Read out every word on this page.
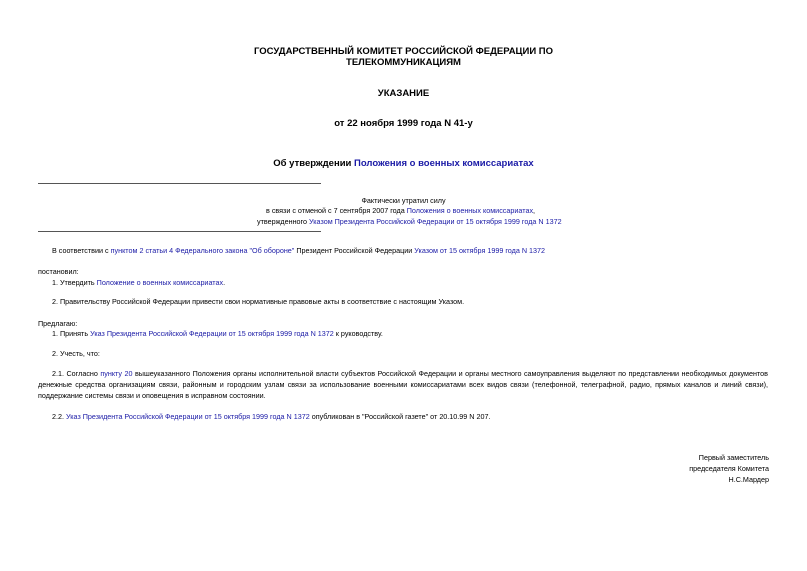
ГОСУДАРСТВЕННЫЙ КОМИТЕТ РОССИЙСКОЙ ФЕДЕРАЦИИ ПО
ТЕЛЕКОММУНИКАЦИЯМ
УКАЗАНИЕ
от 22 ноября 1999 года N 41-у
Об утверждении Положения о военных комиссариатах
Фактически утратил силу
в связи с отменой с 7 сентября 2007 года Положения о военных комиссариатах,
утвержденного Указом Президента Российской Федерации от 15 октября 1999 года N 1372
В соответствии с пунктом 2 статьи 4 Федерального закона "Об обороне" Президент Российской Федерации Указом от 15 октября 1999 года N 1372
постановил:
1. Утвердить Положение о военных комиссариатах.
2. Правительству Российской Федерации привести свои нормативные правовые акты в соответствие с настоящим Указом.
Предлагаю:
1. Принять Указ Президента Российской Федерации от 15 октября 1999 года N 1372 к руководству.
2. Учесть, что:
2.1. Согласно пункту 20 вышеуказанного Положения органы исполнительной власти субъектов Российской Федерации и органы местного самоуправления выделяют по представлении необходимых документов денежные средства организациям связи, районным и городским узлам связи за использование военными комиссариатами всех видов связи (телефонной, телеграфной, радио, прямых каналов и линий связи), поддержание системы связи и оповещения в исправном состоянии.
2.2. Указ Президента Российской Федерации от 15 октября 1999 года N 1372 опубликован в "Российской газете" от 20.10.99 N 207.
Первый заместитель
председателя Комитета
Н.С.Мардер
